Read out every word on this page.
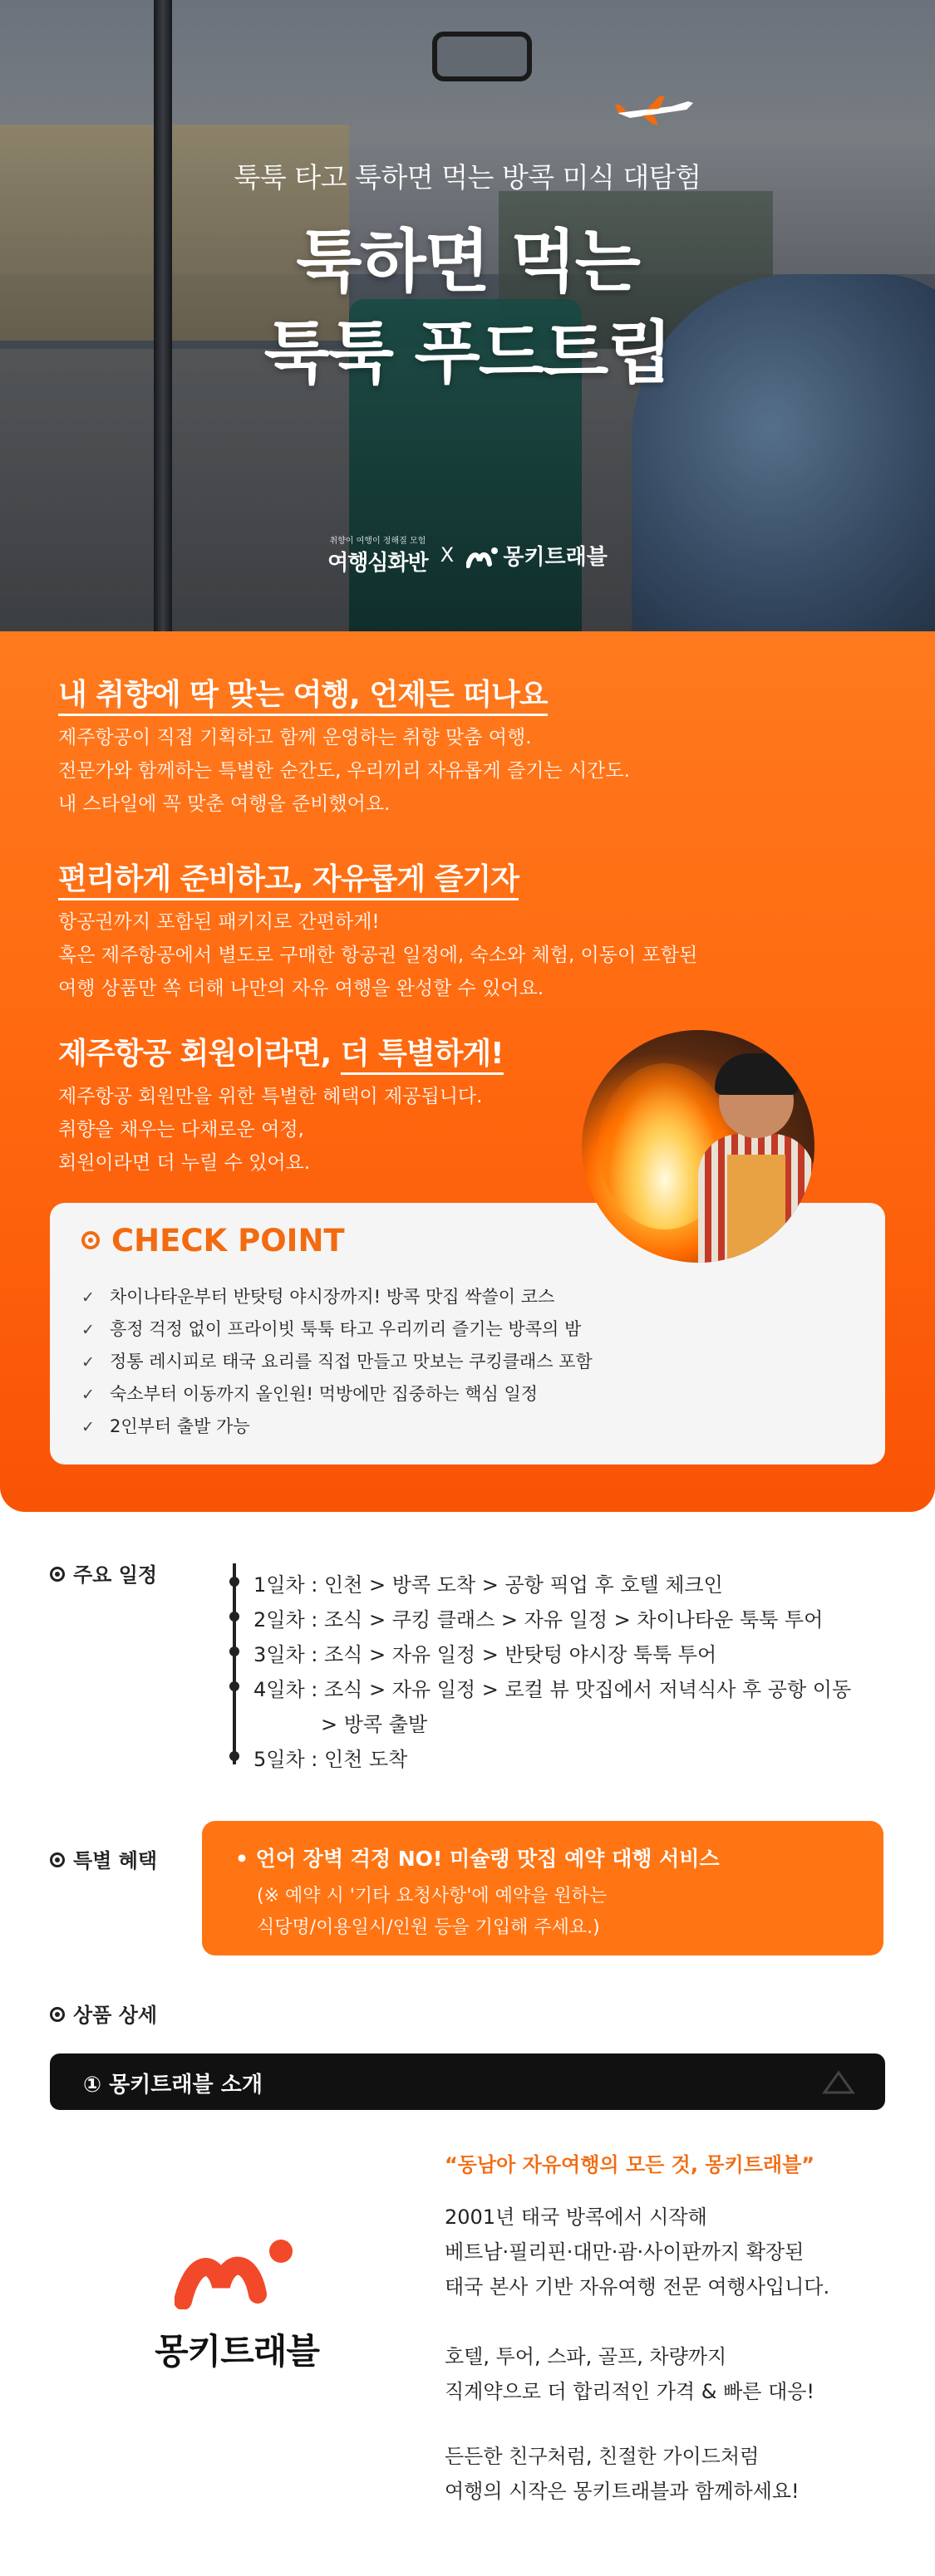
툭툭 타고 툭하면 먹는 방콕 미식 대탐험
툭하면 먹는
툭툭 푸드트립
취향이 여행이 정해질 모험
여행심화반 X 몽키트래블
내 취향에 딱 맞는 여행, 언제든 떠나요
제주항공이 직접 기획하고 함께 운영하는 취향 맞춤 여행.
전문가와 함께하는 특별한 순간도, 우리끼리 자유롭게 즐기는 시간도.
내 스타일에 꼭 맞춘 여행을 준비했어요.
편리하게 준비하고, 자유롭게 즐기자
항공권까지 포함된 패키지로 간편하게!
혹은 제주항공에서 별도로 구매한 항공권 일정에, 숙소와 체험, 이동이 포함된
여행 상품만 쏙 더해 나만의 자유 여행을 완성할 수 있어요.
제주항공 회원이라면, 더 특별하게!
제주항공 회원만을 위한 특별한 혜택이 제공됩니다.
취향을 채우는 다채로운 여정,
회원이라면 더 누릴 수 있어요.
CHECK POINT
✓ 차이나타운부터 반탓텅 야시장까지! 방콕 맛집 싹쓸이 코스
✓ 흥정 걱정 없이 프라이빗 툭툭 타고 우리끼리 즐기는 방콕의 밤
✓ 정통 레시피로 태국 요리를 직접 만들고 맛보는 쿠킹클래스 포함
✓ 숙소부터 이동까지 올인원! 먹방에만 집중하는 핵심 일정
✓ 2인부터 출발 가능
주요 일정	1일차 : 인천 > 방콕 도착 > 공항 픽업 후 호텔 체크인
2일차 : 조식 > 쿠킹 클래스 > 자유 일정 > 차이나타운 툭툭 투어
3일차 : 조식 > 자유 일정 > 반탓텅 야시장 툭툭 투어
4일차 : 조식 > 자유 일정 > 로컬 뷰 맛집에서 저녁식사 후 공항 이동
> 방콕 출발
5일차 : 인천 도착
특별 혜택	• 언어 장벽 걱정 NO! 미슐랭 맛집 예약 대행 서비스
(※ 예약 시 '기타 요청사항'에 예약을 원하는
식당명/이용일시/인원 등을 기입해 주세요.)
상품 상세
① 몽키트래블 소개
몽키트래블
“동남아 자유여행의 모든 것, 몽키트래블”
2001년 태국 방콕에서 시작해
베트남·필리핀·대만·괌·사이판까지 확장된
태국 본사 기반 자유여행 전문 여행사입니다.
호텔, 투어, 스파, 골프, 차량까지
직계약으로 더 합리적인 가격 & 빠른 대응!
든든한 친구처럼, 친절한 가이드처럼
여행의 시작은 몽키트래블과 함께하세요!
